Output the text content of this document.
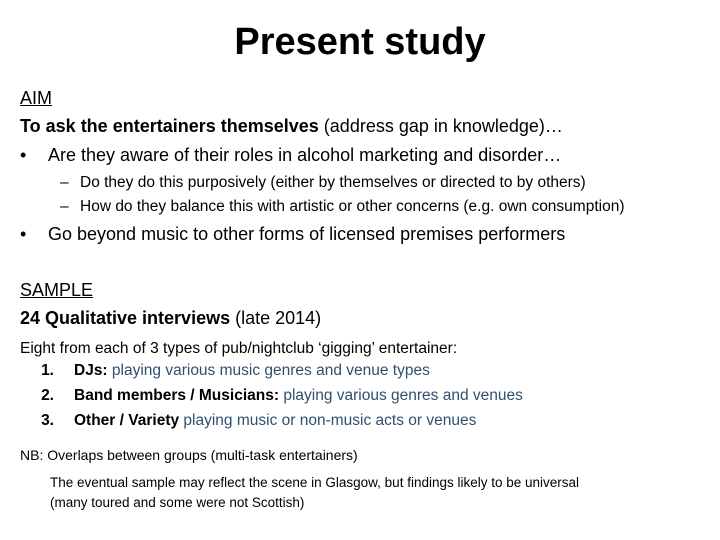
Present study
AIM
To ask the entertainers themselves (address gap in knowledge)…
• Are they aware of their roles in alcohol marketing and disorder…
– Do they do this purposively (either by themselves or directed to by others)
– How do they balance this with artistic or other concerns (e.g. own consumption)
• Go beyond music to other forms of licensed premises performers
SAMPLE
24 Qualitative interviews (late 2014)
Eight from each of 3 types of pub/nightclub ‘gigging’ entertainer:
1. DJs: playing various music genres and venue types
2. Band members / Musicians: playing various genres and venues
3. Other / Variety playing music or non-music acts or venues
NB: Overlaps between groups (multi-task entertainers)
The eventual sample may reflect the scene in Glasgow, but findings likely to be universal
(many toured and some were not Scottish)
